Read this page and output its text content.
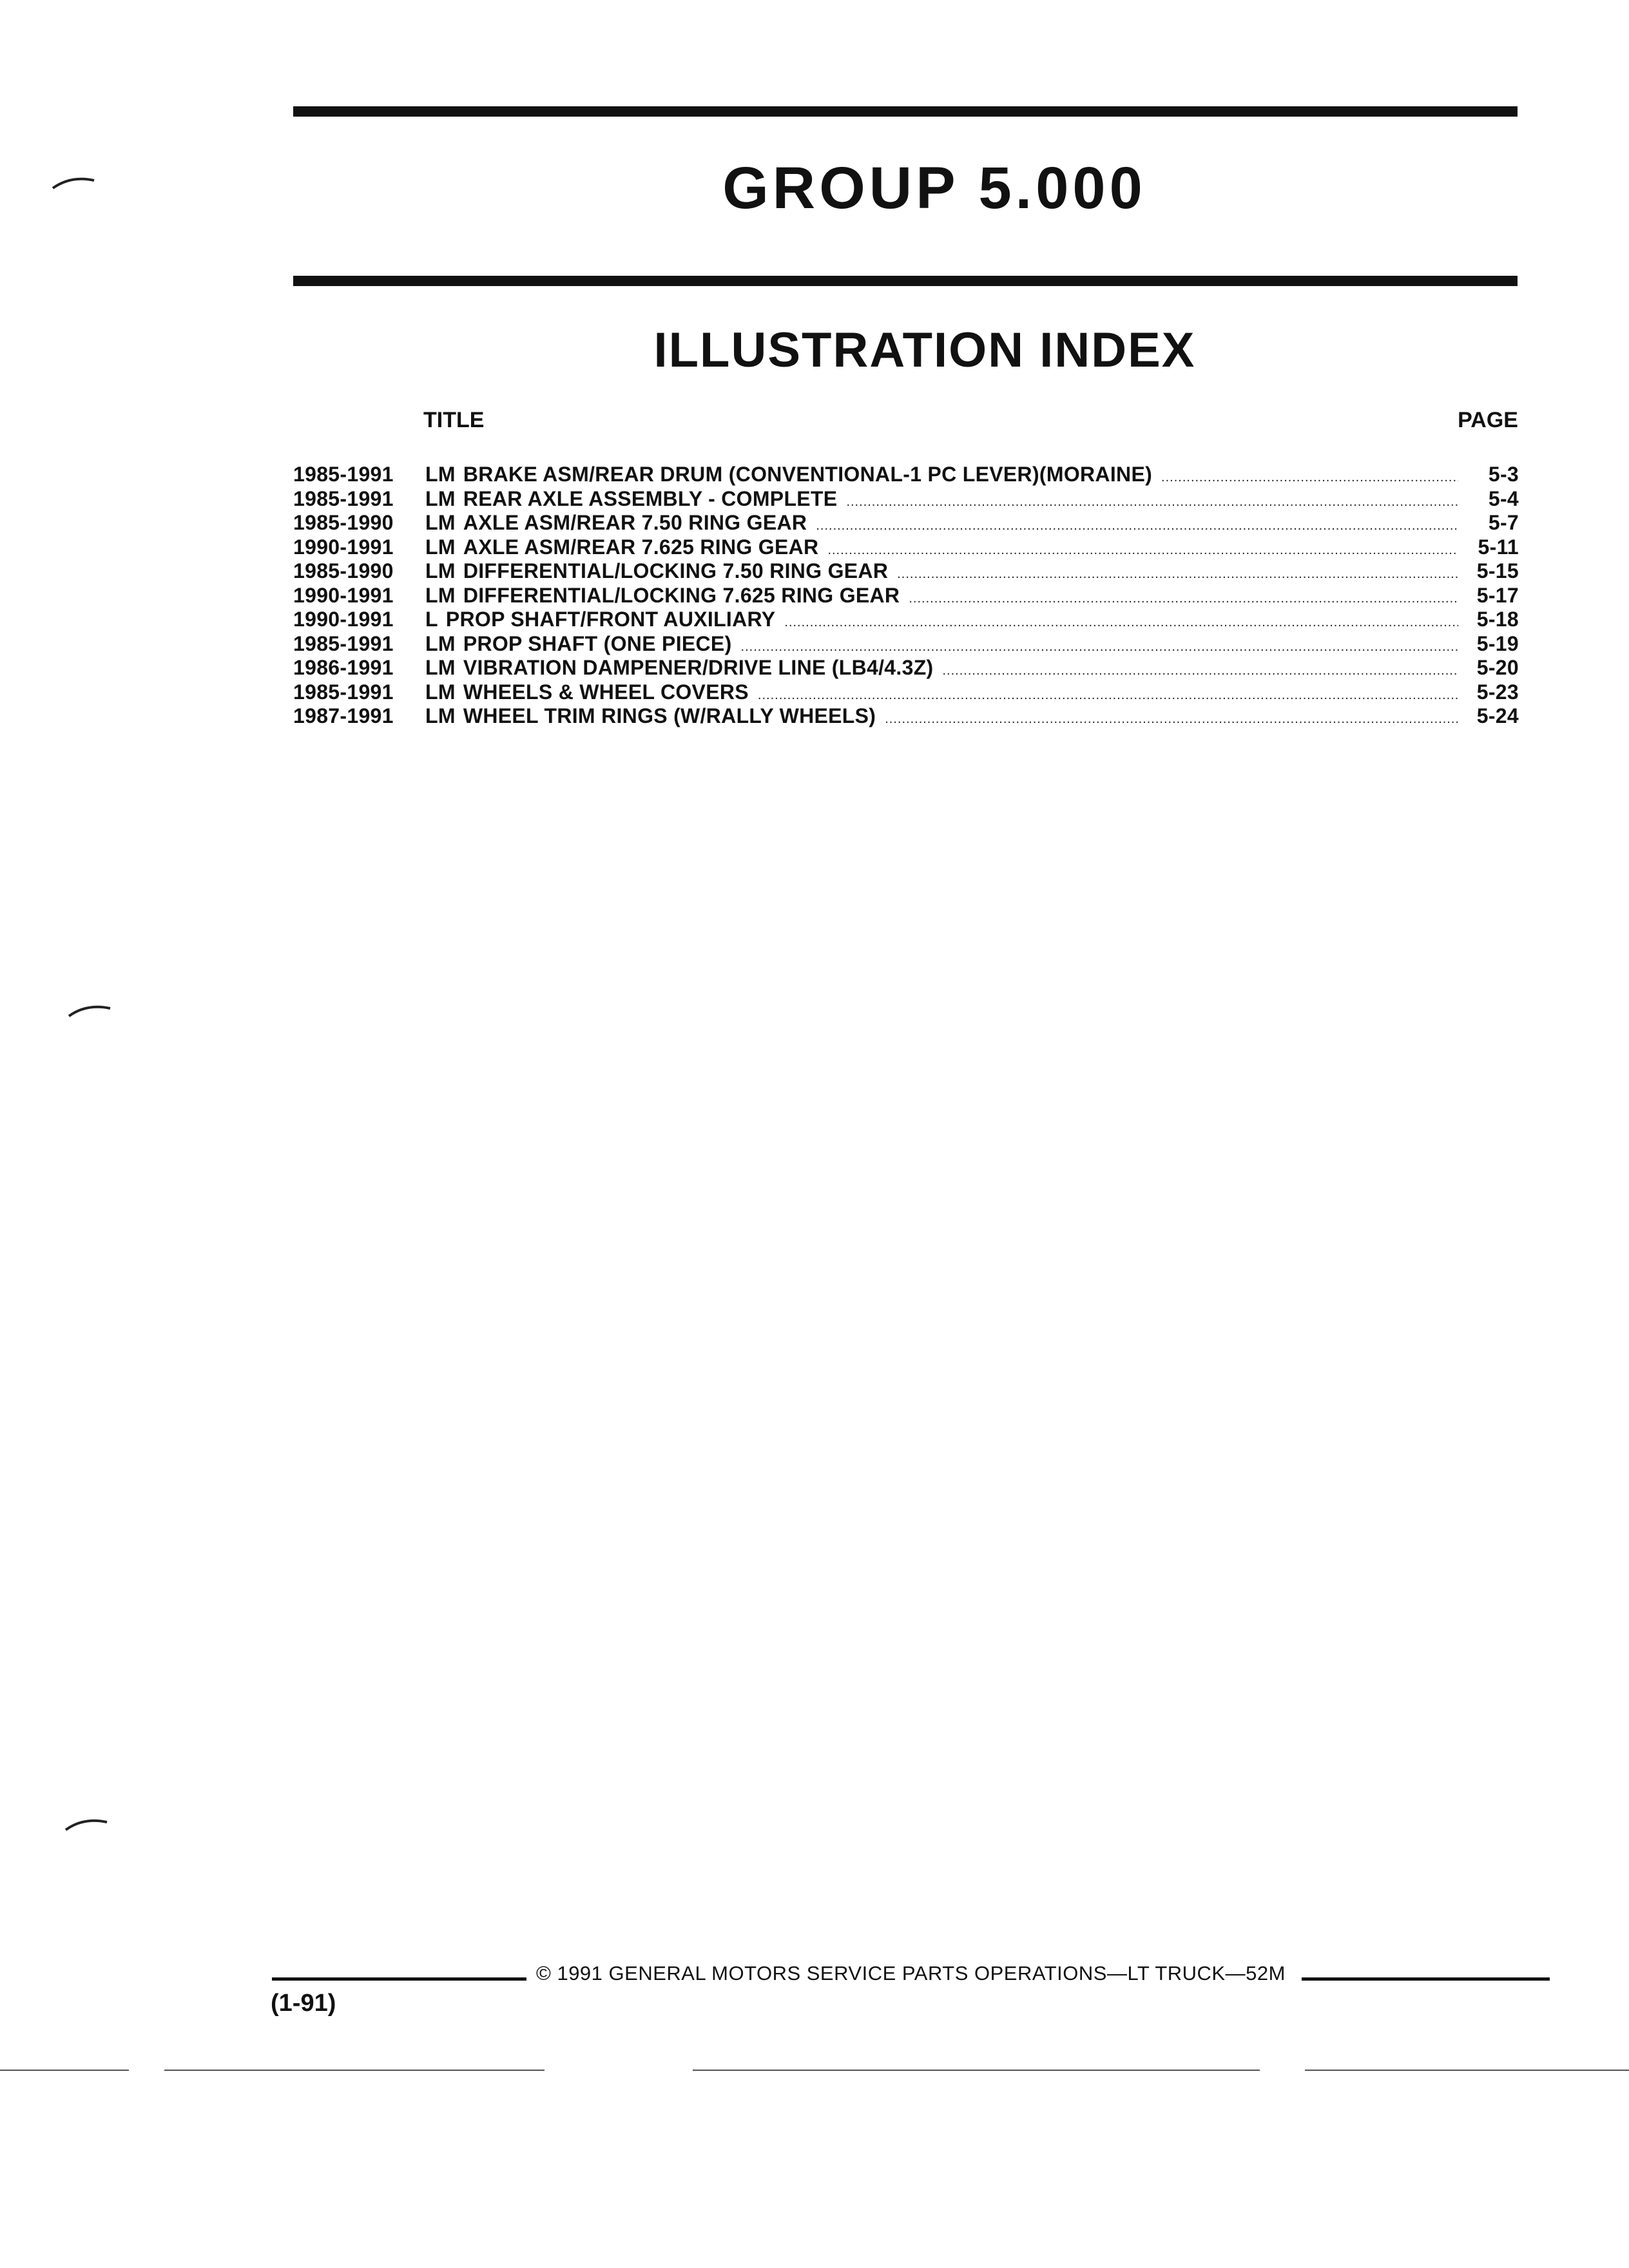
GROUP 5.000
ILLUSTRATION INDEX
TITLE	PAGE
1985-1991	LM BRAKE ASM/REAR DRUM (CONVENTIONAL-1 PC LEVER)(MORAINE) .....	5-3
1985-1991	LM REAR AXLE ASSEMBLY - COMPLETE .....	5-4
1985-1990	LM AXLE ASM/REAR 7.50 RING GEAR .....	5-7
1990-1991	LM AXLE ASM/REAR 7.625 RING GEAR .....	5-11
1985-1990	LM DIFFERENTIAL/LOCKING 7.50 RING GEAR .....	5-15
1990-1991	LM DIFFERENTIAL/LOCKING 7.625 RING GEAR .....	5-17
1990-1991	L PROP SHAFT/FRONT AUXILIARY .....	5-18
1985-1991	LM PROP SHAFT (ONE PIECE) .....	5-19
1986-1991	LM VIBRATION DAMPENER/DRIVE LINE (LB4/4.3Z) .....	5-20
1985-1991	LM WHEELS & WHEEL COVERS .....	5-23
1987-1991	LM WHEEL TRIM RINGS (W/RALLY WHEELS) .....	5-24
© 1991 GENERAL MOTORS SERVICE PARTS OPERATIONS—LT TRUCK—52M
(1-91)
